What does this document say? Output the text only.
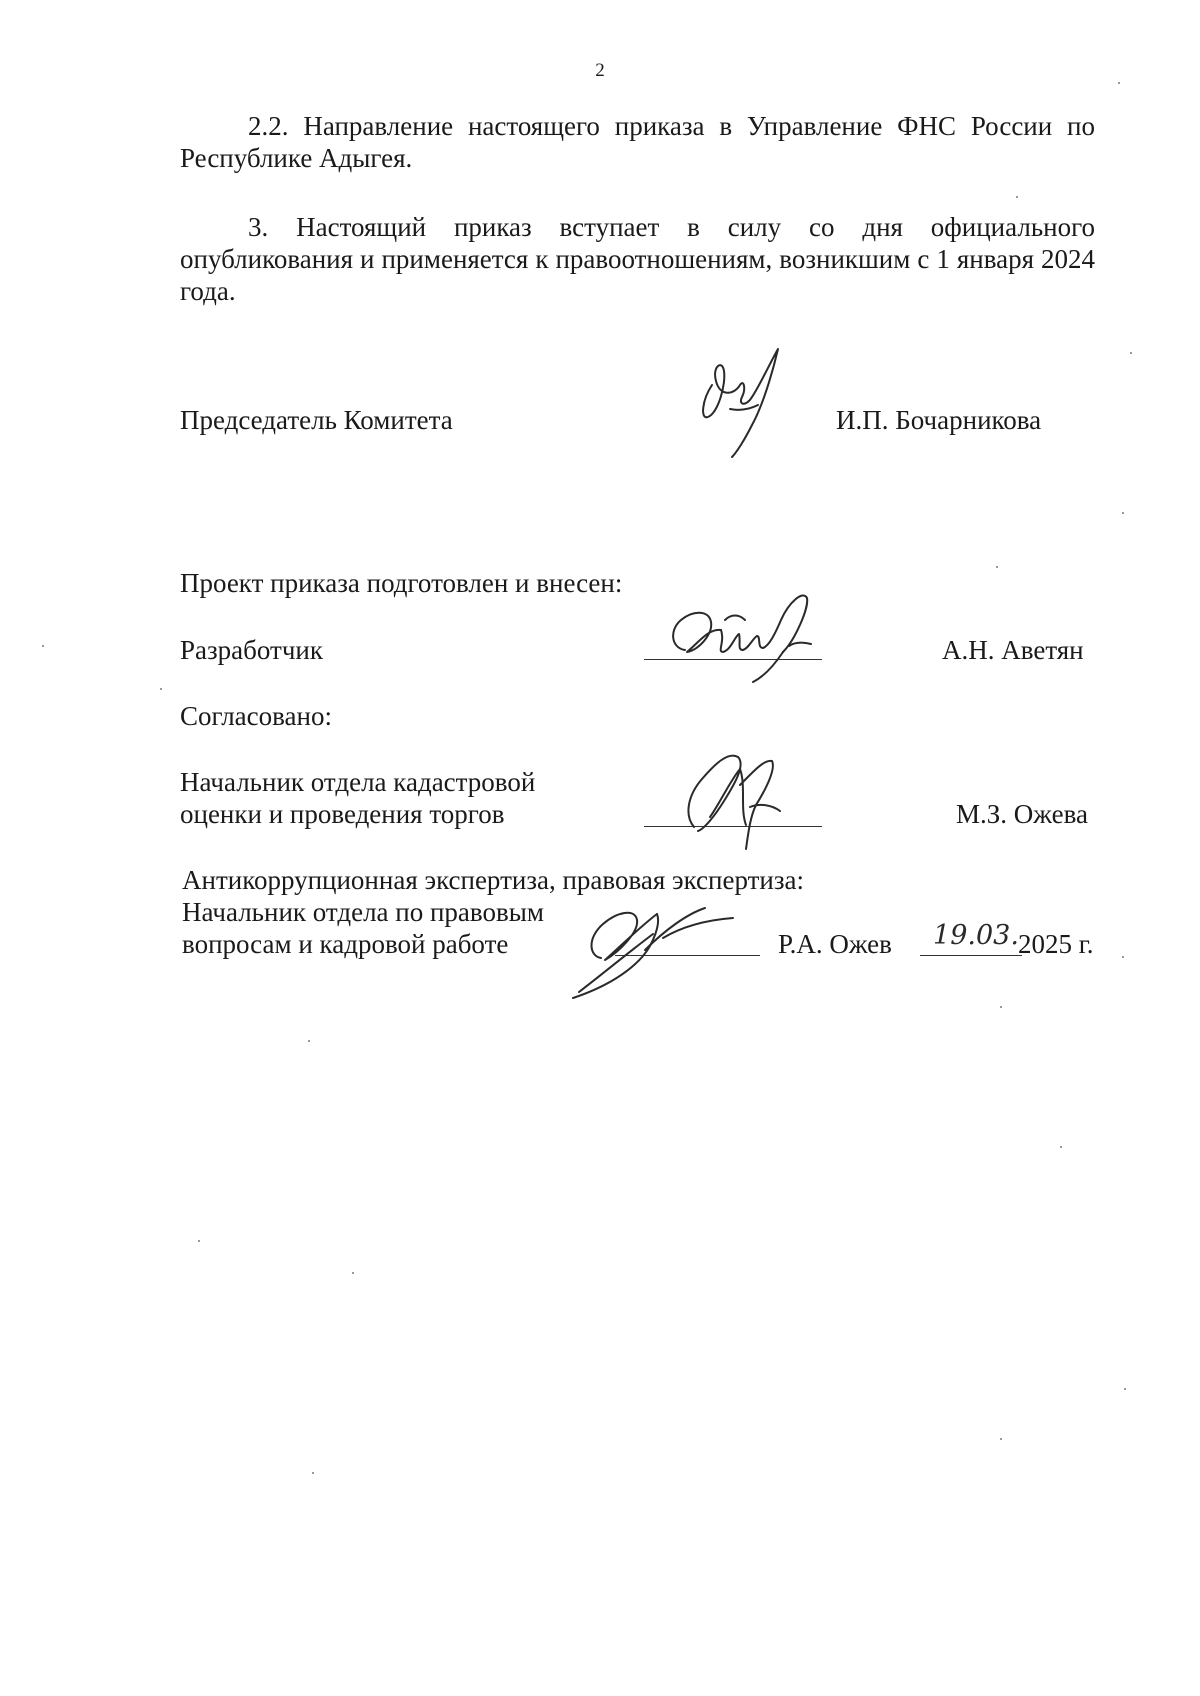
2
2.2. Направление настоящего приказа в Управление ФНС России по Республике Адыгея.
3. Настоящий приказ вступает в силу со дня официального опубликования и применяется к правоотношениям, возникшим с 1 января 2024 года.
Председатель Комитета	И.П. Бочарникова
Проект приказа подготовлен и внесен:
Разработчик	А.Н. Аветян
Согласовано:
Начальник отдела кадастровой
оценки и проведения торгов	М.З. Ожева
Антикоррупционная экспертиза, правовая экспертиза:
Начальник отдела по правовым
вопросам и кадровой работе	Р.А. Ожев 19.03. 2025 г.
